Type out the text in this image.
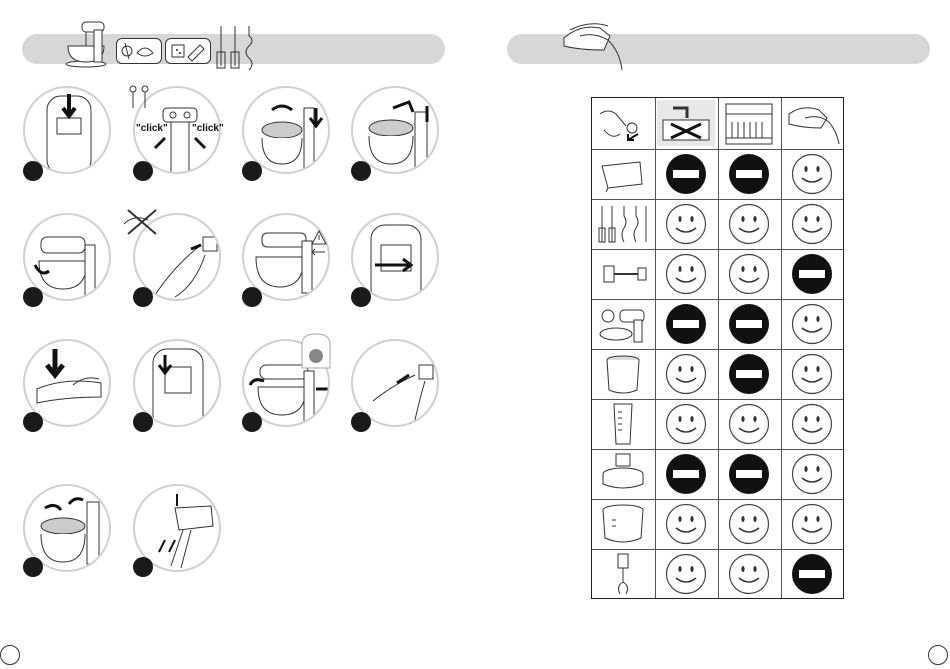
"click" "click"
